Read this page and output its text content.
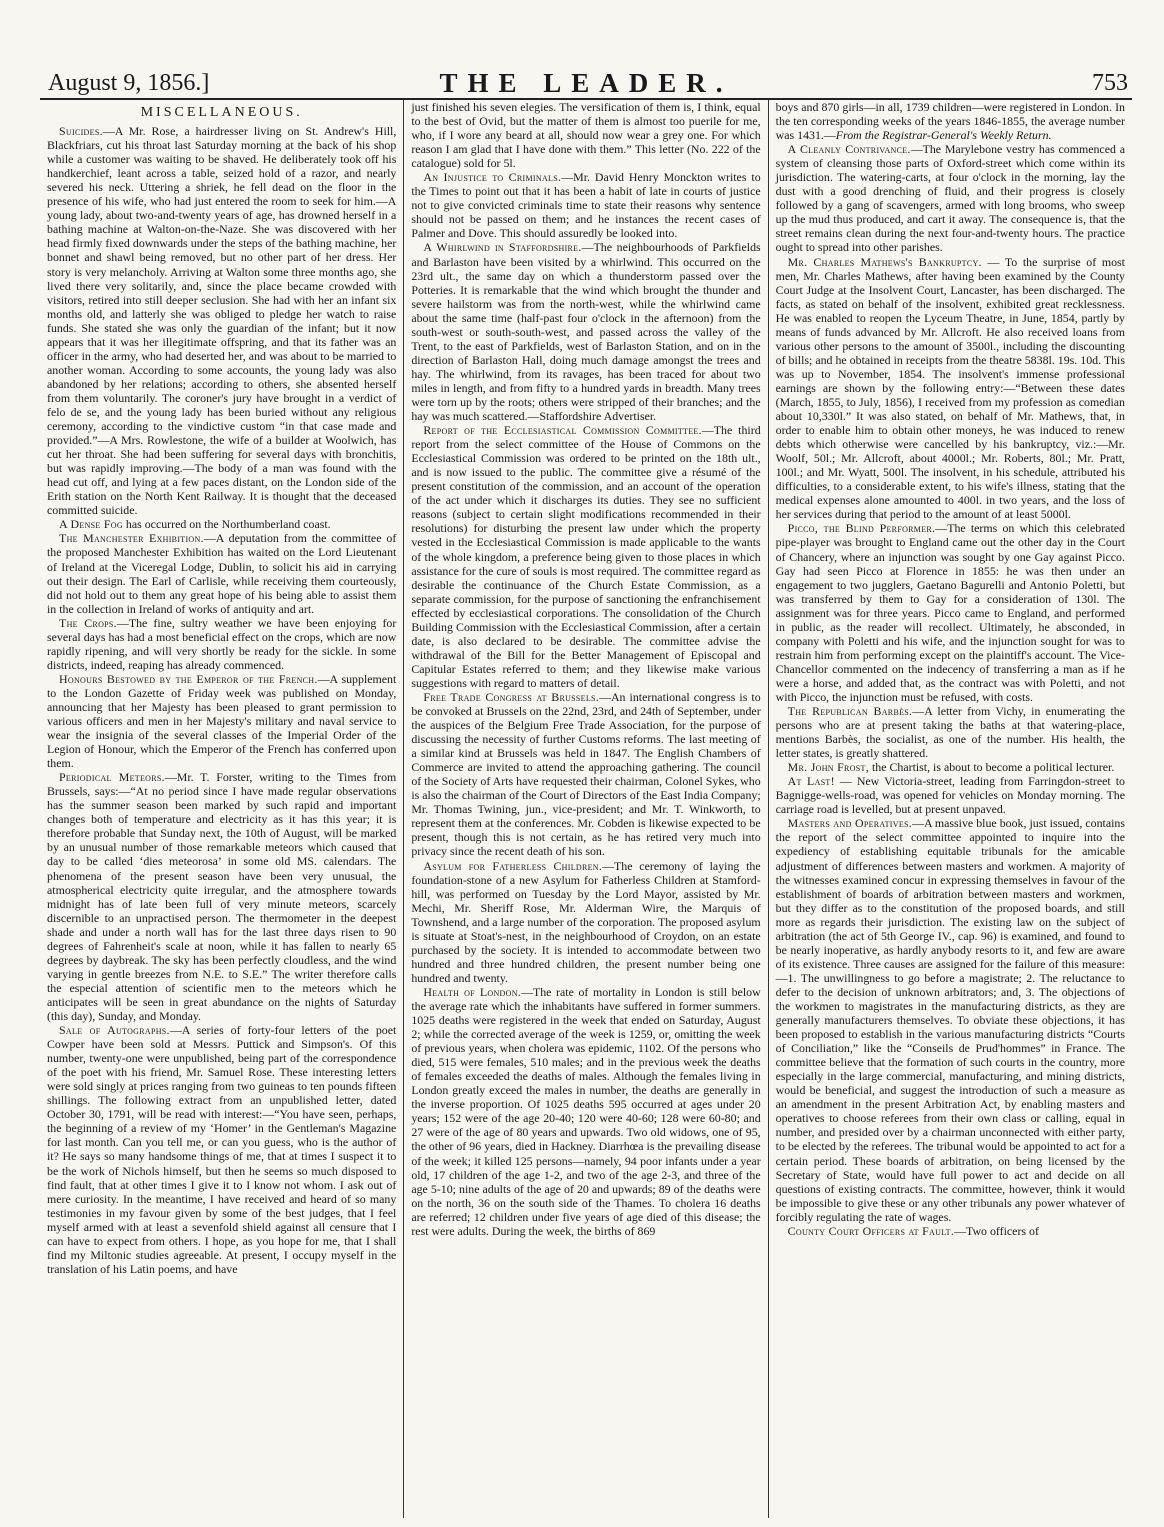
August 9, 1856.]	THE LEADER.	753
MISCELLANEOUS.

Suicides.—A Mr. Rose, a hairdresser living on St. Andrew's Hill, Blackfriars, cut his throat last Saturday morning at the back of his shop while a customer was waiting to be shaved. He deliberately took off his handkerchief, leant across a table, seized hold of a razor, and nearly severed his neck. Uttering a shriek, he fell dead on the floor in the presence of his wife, who had just entered the room to seek for him.—A young lady, about two-and-twenty years of age, has drowned herself in a bathing machine at Walton-on-the-Naze. She was discovered with her head firmly fixed downwards under the steps of the bathing machine, her bonnet and shawl being removed, but no other part of her dress. Her story is very melancholy. Arriving at Walton some three months ago, she lived there very solitarily, and, since the place became crowded with visitors, retired into still deeper seclusion. She had with her an infant six months old, and latterly she was obliged to pledge her watch to raise funds. She stated she was only the guardian of the infant; but it now appears that it was her illegitimate offspring, and that its father was an officer in the army, who had deserted her, and was about to be married to another woman. According to some accounts, the young lady was also abandoned by her relations; according to others, she absented herself from them voluntarily. The coroner's jury have brought in a verdict of felo de se, and the young lady has been buried without any religious ceremony, according to the vindictive custom “in that case made and provided.”—A Mrs. Rowlestone, the wife of a builder at Woolwich, has cut her throat. She had been suffering for several days with bronchitis, but was rapidly improving.—The body of a man was found with the head cut off, and lying at a few paces distant, on the London side of the Erith station on the North Kent Railway. It is thought that the deceased committed suicide.

A Dense Fog has occurred on the Northumberland coast.

The Manchester Exhibition.—A deputation from the committee of the proposed Manchester Exhibition has waited on the Lord Lieutenant of Ireland at the Viceregal Lodge, Dublin, to solicit his aid in carrying out their design. The Earl of Carlisle, while receiving them courteously, did not hold out to them any great hope of his being able to assist them in the collection in Ireland of works of antiquity and art.

The Crops.—The fine, sultry weather we have been enjoying for several days has had a most beneficial effect on the crops, which are now rapidly ripening, and will very shortly be ready for the sickle. In some districts, indeed, reaping has already commenced.

Honours Bestowed by the Emperor of the French.—A supplement to the London Gazette of Friday week was published on Monday, announcing that her Majesty has been pleased to grant permission to various officers and men in her Majesty's military and naval service to wear the insignia of the several classes of the Imperial Order of the Legion of Honour, which the Emperor of the French has conferred upon them.

Periodical Meteors.—Mr. T. Forster, writing to the Times from Brussels, says:—“At no period since I have made regular observations has the summer season been marked by such rapid and important changes both of temperature and electricity as it has this year; it is therefore probable that Sunday next, the 10th of August, will be marked by an unusual number of those remarkable meteors which caused that day to be called ‘dies meteorosa’ in some old MS. calendars. The phenomena of the present season have been very unusual, the atmospherical electricity quite irregular, and the atmosphere towards midnight has of late been full of very minute meteors, scarcely discernible to an unpractised person. The thermometer in the deepest shade and under a north wall has for the last three days risen to 90 degrees of Fahrenheit's scale at noon, while it has fallen to nearly 65 degrees by daybreak. The sky has been perfectly cloudless, and the wind varying in gentle breezes from N.E. to S.E.” The writer therefore calls the especial attention of scientific men to the meteors which he anticipates will be seen in great abundance on the nights of Saturday (this day), Sunday, and Monday.

Sale of Autographs.—A series of forty-four letters of the poet Cowper have been sold at Messrs. Puttick and Simpson's. Of this number, twenty-one were unpublished, being part of the correspondence of the poet with his friend, Mr. Samuel Rose. These interesting letters were sold singly at prices ranging from two guineas to ten pounds fifteen shillings. The following extract from an unpublished letter, dated October 30, 1791, will be read with interest:—“You have seen, perhaps, the beginning of a review of my ‘Homer’ in the Gentleman's Magazine for last month. Can you tell me, or can you guess, who is the author of it? He says so many handsome things of me, that at times I suspect it to be the work of Nichols himself, but then he seems so much disposed to find fault, that at other times I give it to I know not whom. I ask out of mere curiosity. In the meantime, I have received and heard of so many testimonies in my favour given by some of the best judges, that I feel myself armed with at least a sevenfold shield against all censure that I can have to expect from others. I hope, as you hope for me, that I shall find my Miltonic studies agreeable. At present, I occupy myself in the translation of his Latin poems, and have

just finished his seven elegies. The versification of them is, I think, equal to the best of Ovid, but the matter of them is almost too puerile for me, who, if I wore any beard at all, should now wear a grey one. For which reason I am glad that I have done with them.” This letter (No. 222 of the catalogue) sold for 5l.

An Injustice to Criminals.—Mr. David Henry Monckton writes to the Times to point out that it has been a habit of late in courts of justice not to give convicted criminals time to state their reasons why sentence should not be passed on them; and he instances the recent cases of Palmer and Dove. This should assuredly be looked into.

A Whirlwind in Staffordshire.—The neighbourhoods of Parkfields and Barlaston have been visited by a whirlwind. This occurred on the 23rd ult., the same day on which a thunderstorm passed over the Potteries. It is remarkable that the wind which brought the thunder and severe hailstorm was from the north-west, while the whirlwind came about the same time (half-past four o'clock in the afternoon) from the south-west or south-south-west, and passed across the valley of the Trent, to the east of Parkfields, west of Barlaston Station, and on in the direction of Barlaston Hall, doing much damage amongst the trees and hay. The whirlwind, from its ravages, has been traced for about two miles in length, and from fifty to a hundred yards in breadth. Many trees were torn up by the roots; others were stripped of their branches; and the hay was much scattered.—Staffordshire Advertiser.

Report of the Ecclesiastical Commission Committee.—The third report from the select committee of the House of Commons on the Ecclesiastical Commission was ordered to be printed on the 18th ult., and is now issued to the public. The committee give a résumé of the present constitution of the commission, and an account of the operation of the act under which it discharges its duties. They see no sufficient reasons (subject to certain slight modifications recommended in their resolutions) for disturbing the present law under which the property vested in the Ecclesiastical Commission is made applicable to the wants of the whole kingdom, a preference being given to those places in which assistance for the cure of souls is most required. The committee regard as desirable the continuance of the Church Estate Commission, as a separate commission, for the purpose of sanctioning the enfranchisement effected by ecclesiastical corporations. The consolidation of the Church Building Commission with the Ecclesiastical Commission, after a certain date, is also declared to be desirable. The committee advise the withdrawal of the Bill for the Better Management of Episcopal and Capitular Estates referred to them; and they likewise make various suggestions with regard to matters of detail.

Free Trade Congress at Brussels.—An international congress is to be convoked at Brussels on the 22nd, 23rd, and 24th of September, under the auspices of the Belgium Free Trade Association, for the purpose of discussing the necessity of further Customs reforms. The last meeting of a similar kind at Brussels was held in 1847. The English Chambers of Commerce are invited to attend the approaching gathering. The council of the Society of Arts have requested their chairman, Colonel Sykes, who is also the chairman of the Court of Directors of the East India Company; Mr. Thomas Twining, jun., vice-president; and Mr. T. Winkworth, to represent them at the conferences. Mr. Cobden is likewise expected to be present, though this is not certain, as he has retired very much into privacy since the recent death of his son.

Asylum for Fatherless Children.—The ceremony of laying the foundation-stone of a new Asylum for Fatherless Children at Stamford-hill, was performed on Tuesday by the Lord Mayor, assisted by Mr. Mechi, Mr. Sheriff Rose, Mr. Alderman Wire, the Marquis of Townshend, and a large number of the corporation. The proposed asylum is situate at Stoat's-nest, in the neighbourhood of Croydon, on an estate purchased by the society. It is intended to accommodate between two hundred and three hundred children, the present number being one hundred and twenty.

Health of London.—The rate of mortality in London is still below the average rate which the inhabitants have suffered in former summers. 1025 deaths were registered in the week that ended on Saturday, August 2; while the corrected average of the week is 1259, or, omitting the week of previous years, when cholera was epidemic, 1102. Of the persons who died, 515 were females, 510 males; and in the previous week the deaths of females exceeded the deaths of males. Although the females living in London greatly exceed the males in number, the deaths are generally in the inverse proportion. Of 1025 deaths 595 occurred at ages under 20 years; 152 were of the age 20-40; 120 were 40-60; 128 were 60-80; and 27 were of the age of 80 years and upwards. Two old widows, one of 95, the other of 96 years, died in Hackney. Diarrhœa is the prevailing disease of the week; it killed 125 persons—namely, 94 poor infants under a year old, 17 children of the age 1-2, and two of the age 2-3, and three of the age 5-10; nine adults of the age of 20 and upwards; 89 of the deaths were on the north, 36 on the south side of the Thames. To cholera 16 deaths are referred; 12 children under five years of age died of this disease; the rest were adults. During the week, the births of 869

boys and 870 girls—in all, 1739 children—were registered in London. In the ten corresponding weeks of the years 1846-1855, the average number was 1431.—From the Registrar-General's Weekly Return.

A Cleanly Contrivance.—The Marylebone vestry has commenced a system of cleansing those parts of Oxford-street which come within its jurisdiction. The watering-carts, at four o'clock in the morning, lay the dust with a good drenching of fluid, and their progress is closely followed by a gang of scavengers, armed with long brooms, who sweep up the mud thus produced, and cart it away. The consequence is, that the street remains clean during the next four-and-twenty hours. The practice ought to spread into other parishes.

Mr. Charles Mathews's Bankruptcy. — To the surprise of most men, Mr. Charles Mathews, after having been examined by the County Court Judge at the Insolvent Court, Lancaster, has been discharged. The facts, as stated on behalf of the insolvent, exhibited great recklessness. He was enabled to reopen the Lyceum Theatre, in June, 1854, partly by means of funds advanced by Mr. Allcroft. He also received loans from various other persons to the amount of 3500l., including the discounting of bills; and he obtained in receipts from the theatre 5838l. 19s. 10d. This was up to November, 1854. The insolvent's immense professional earnings are shown by the following entry:—“Between these dates (March, 1855, to July, 1856), I received from my profession as comedian about 10,330l.” It was also stated, on behalf of Mr. Mathews, that, in order to enable him to obtain other moneys, he was induced to renew debts which otherwise were cancelled by his bankruptcy, viz.:—Mr. Woolf, 50l.; Mr. Allcroft, about 4000l.; Mr. Roberts, 80l.; Mr. Pratt, 100l.; and Mr. Wyatt, 500l. The insolvent, in his schedule, attributed his difficulties, to a considerable extent, to his wife's illness, stating that the medical expenses alone amounted to 400l. in two years, and the loss of her services during that period to the amount of at least 5000l.

Picco, the Blind Performer.—The terms on which this celebrated pipe-player was brought to England came out the other day in the Court of Chancery, where an injunction was sought by one Gay against Picco. Gay had seen Picco at Florence in 1855: he was then under an engagement to two jugglers, Gaetano Bagurelli and Antonio Poletti, but was transferred by them to Gay for a consideration of 130l. The assignment was for three years. Picco came to England, and performed in public, as the reader will recollect. Ultimately, he absconded, in company with Poletti and his wife, and the injunction sought for was to restrain him from performing except on the plaintiff's account. The Vice-Chancellor commented on the indecency of transferring a man as if he were a horse, and added that, as the contract was with Poletti, and not with Picco, the injunction must be refused, with costs.

The Republican Barbès.—A letter from Vichy, in enumerating the persons who are at present taking the baths at that watering-place, mentions Barbès, the socialist, as one of the number. His health, the letter states, is greatly shattered.

Mr. John Frost, the Chartist, is about to become a political lecturer.

At Last! — New Victoria-street, leading from Farringdon-street to Bagnigge-wells-road, was opened for vehicles on Monday morning. The carriage road is levelled, but at present unpaved.

Masters and Operatives.—A massive blue book, just issued, contains the report of the select committee appointed to inquire into the expediency of establishing equitable tribunals for the amicable adjustment of differences between masters and workmen. A majority of the witnesses examined concur in expressing themselves in favour of the establishment of boards of arbitration between masters and workmen, but they differ as to the constitution of the proposed boards, and still more as regards their jurisdiction. The existing law on the subject of arbitration (the act of 5th George IV., cap. 96) is examined, and found to be nearly inoperative, as hardly anybody resorts to it, and few are aware of its existence. Three causes are assigned for the failure of this measure:—1. The unwillingness to go before a magistrate; 2. The reluctance to defer to the decision of unknown arbitrators; and, 3. The objections of the workmen to magistrates in the manufacturing districts, as they are generally manufacturers themselves. To obviate these objections, it has been proposed to establish in the various manufacturing districts “Courts of Conciliation,” like the “Conseils de Prud'hommes” in France. The committee believe that the formation of such courts in the country, more especially in the large commercial, manufacturing, and mining districts, would be beneficial, and suggest the introduction of such a measure as an amendment in the present Arbitration Act, by enabling masters and operatives to choose referees from their own class or calling, equal in number, and presided over by a chairman unconnected with either party, to be elected by the referees. The tribunal would be appointed to act for a certain period. These boards of arbitration, on being licensed by the Secretary of State, would have full power to act and decide on all questions of existing contracts. The committee, however, think it would be impossible to give these or any other tribunals any power whatever of forcibly regulating the rate of wages.

County Court Officers at Fault.—Two officers of
